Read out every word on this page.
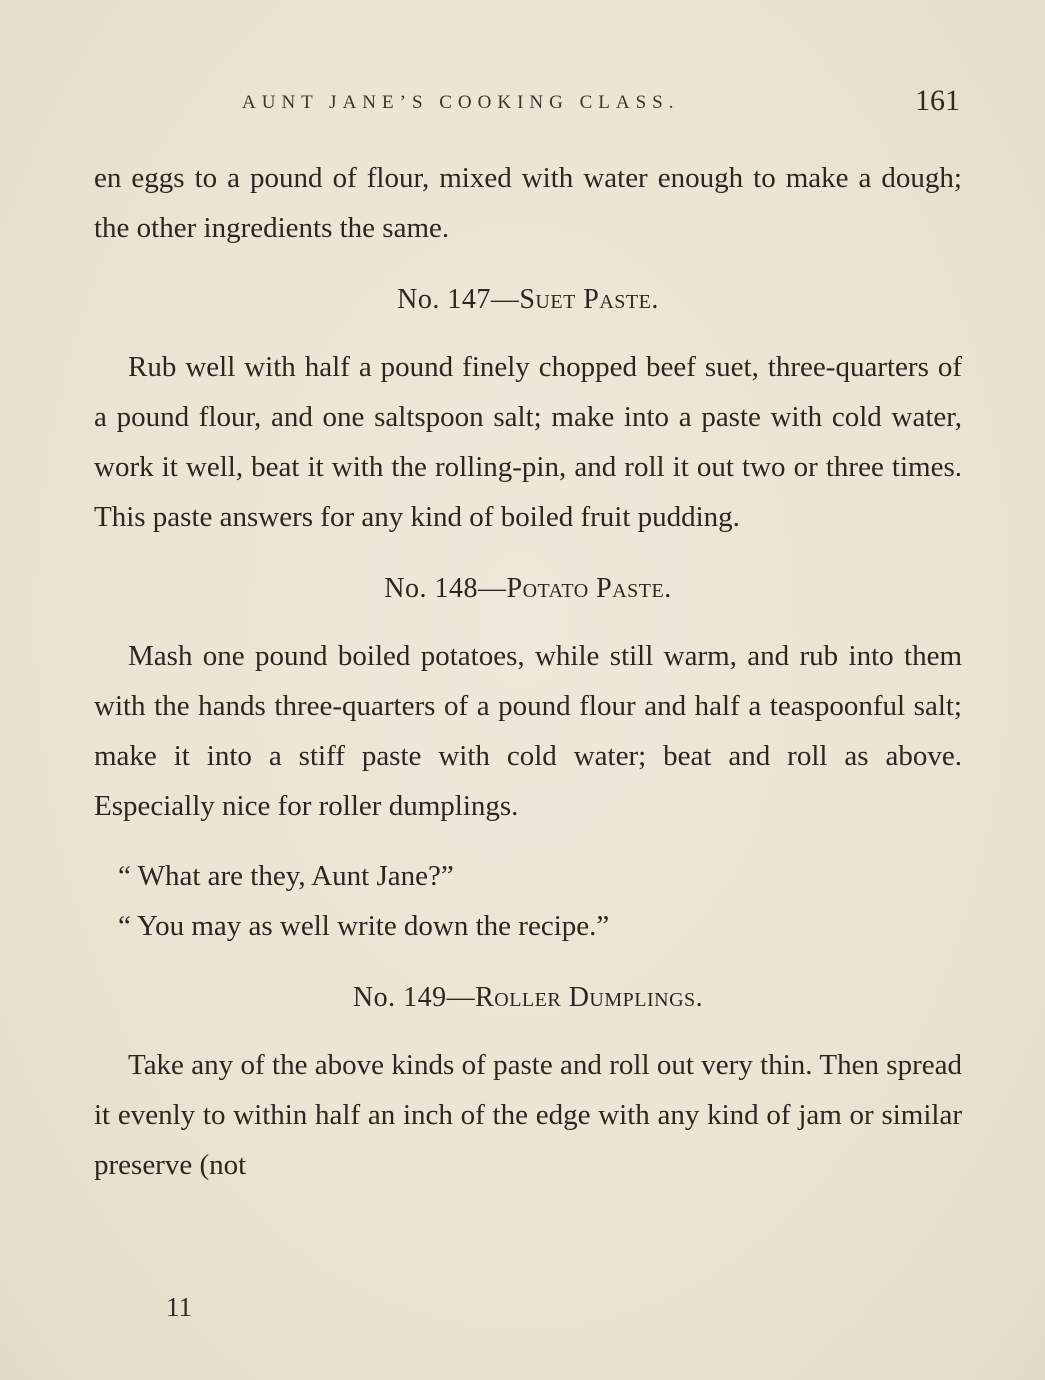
AUNT JANE’S COOKING CLASS.	161

en eggs to a pound of flour, mixed with water enough to make a dough; the other ingredients the same.

No. 147—Suet Paste.

Rub well with half a pound finely chopped beef suet, three-quarters of a pound flour, and one saltspoon salt; make into a paste with cold water, work it well, beat it with the rolling-pin, and roll it out two or three times. This paste answers for any kind of boiled fruit pudding.

No. 148—Potato Paste.

Mash one pound boiled potatoes, while still warm, and rub into them with the hands three-quarters of a pound flour and half a teaspoonful salt; make it into a stiff paste with cold water; beat and roll as above. Especially nice for roller dumplings.

“ What are they, Aunt Jane?”

“ You may as well write down the recipe.”

No. 149—Roller Dumplings.

Take any of the above kinds of paste and roll out very thin. Then spread it evenly to within half an inch of the edge with any kind of jam or similar preserve (not

11
